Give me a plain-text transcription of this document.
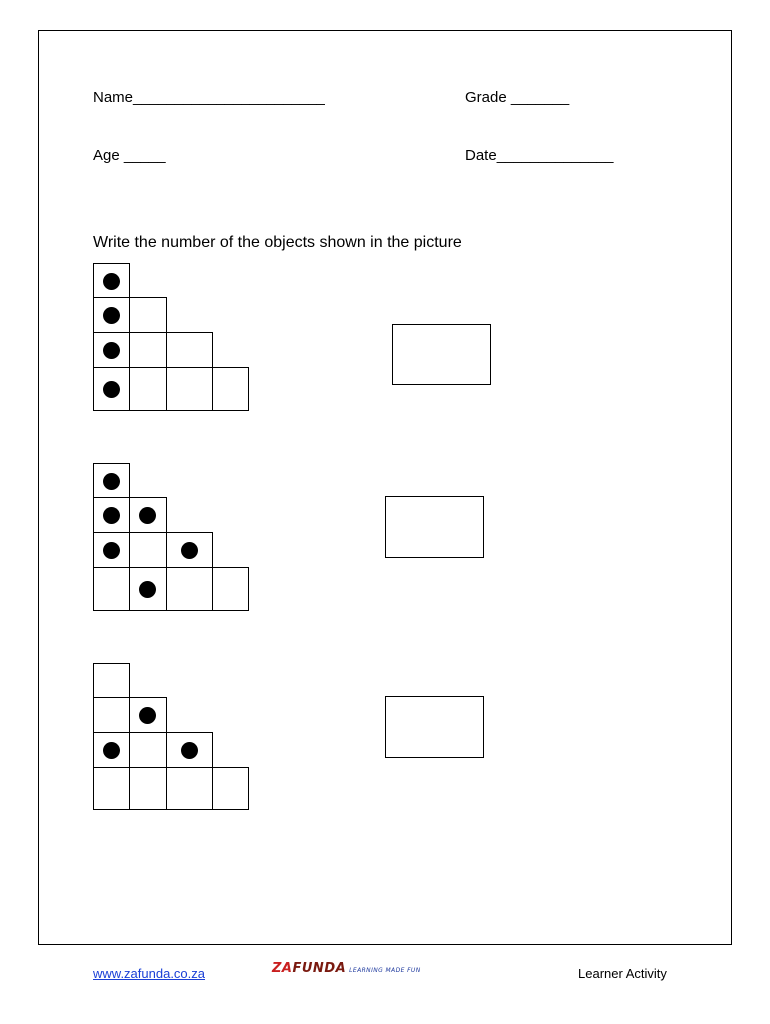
Name_______________________	Grade _______
Age _____	Date______________
Write the number of the objects shown in the picture
www.zafunda.co.za	ZAFUNDA LEARNING MADE FUN	Learner Activity
